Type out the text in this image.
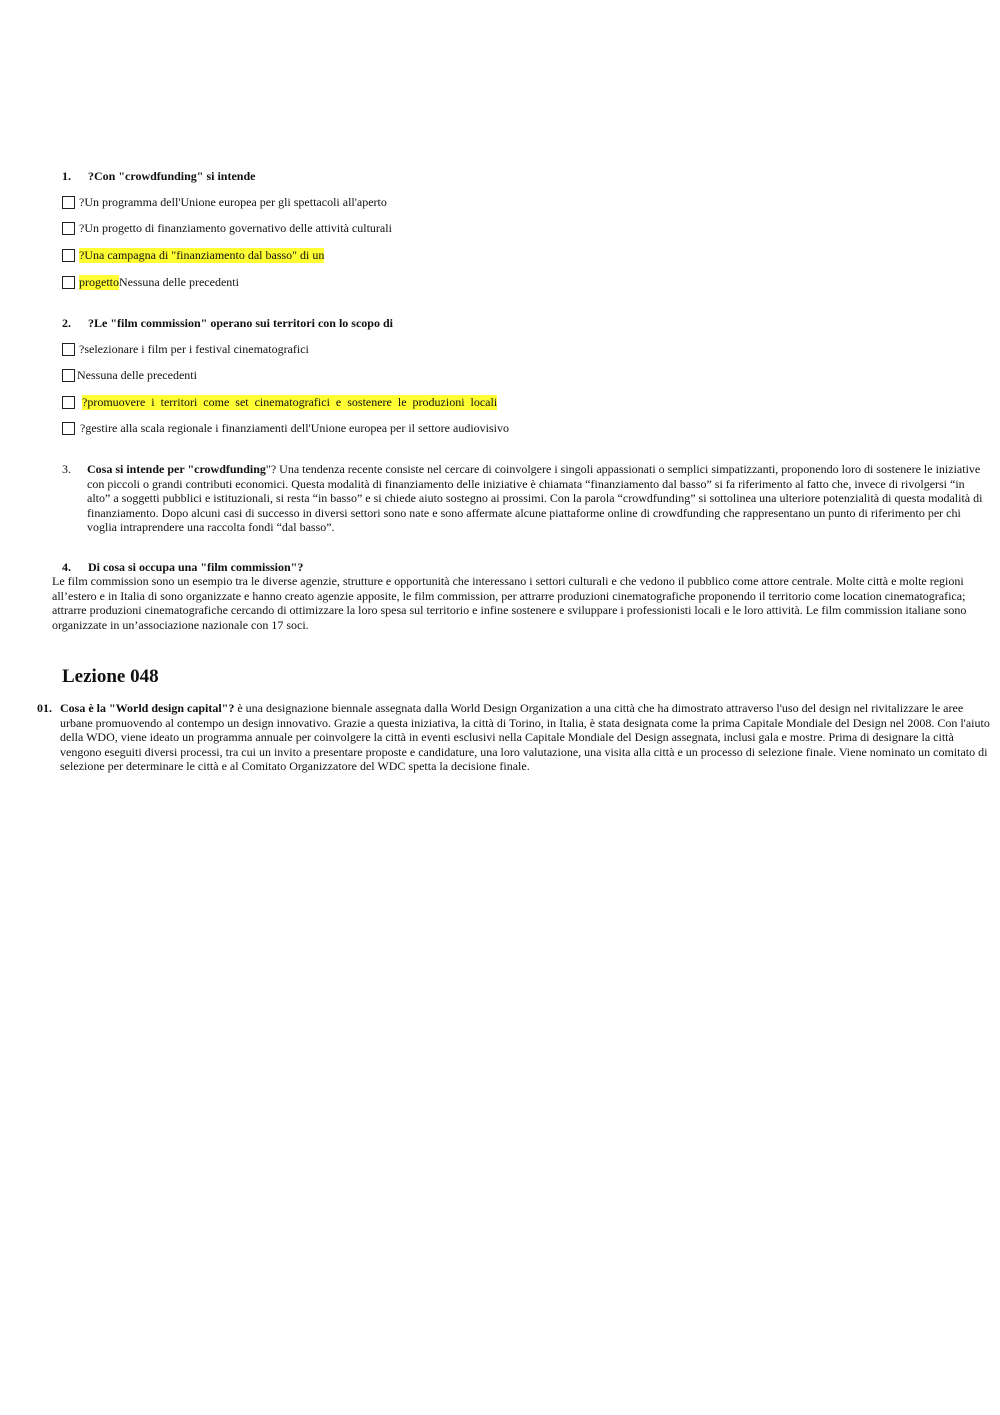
1. ?Con "crowdfunding" si intende
?Un programma dell'Unione europea per gli spettacoli all'aperto
?Un progetto di finanziamento governativo delle attività culturali
?Una campagna di "finanziamento dal basso" di un
progetto Nessuna delle precedenti
2. ?Le "film commission" operano sui territori con lo scopo di
?selezionare i film per i festival cinematografici
Nessuna delle precedenti
?promuovere  i  territori  come  set  cinematografici  e  sostenere  le  produzioni  locali
?gestire alla scala regionale i finanziamenti dell'Unione europea per il settore audiovisivo
3. Cosa si intende per "crowdfunding"? Una tendenza recente consiste nel cercare di coinvolgere i singoli appassionati o semplici simpatizzanti, proponendo loro di sostenere le iniziative con piccoli o grandi contributi economici. Questa modalità di finanziamento delle iniziative è chiamata “finanziamento dal basso” si fa riferimento al fatto che, invece di rivolgersi “in alto” a soggetti pubblici e istituzionali, si resta “in basso” e si chiede aiuto sostegno ai prossimi. Con la parola “crowdfunding” si sottolinea una ulteriore potenzialità di questa modalità di finanziamento. Dopo alcuni casi di successo in diversi settori sono nate e sono affermate alcune piattaforme online di crowdfunding che rappresentano un punto di riferimento per chi voglia intraprendere una raccolta fondi “dal basso”.
4. Di cosa si occupa una "film commission"?
Le film commission sono un esempio tra le diverse agenzie, strutture e opportunità che interessano i settori culturali e che vedono il pubblico come attore centrale. Molte città e molte regioni all’estero e in Italia di sono organizzate e hanno creato agenzie apposite, le film commission, per attrarre produzioni cinematografiche proponendo il territorio come location cinematografica; attrarre produzioni cinematografiche cercando di ottimizzare la loro spesa sul territorio e infine sostenere e sviluppare i professionisti locali e le loro attività. Le film commission italiane sono organizzate in un’associazione nazionale con 17 soci.
Lezione 048
01. Cosa è la "World design capital"? è una designazione biennale assegnata dalla World Design Organization a una città che ha dimostrato attraverso l'uso del design nel rivitalizzare le aree urbane promuovendo al contempo un design innovativo. Grazie a questa iniziativa, la città di Torino, in Italia, è stata designata come la prima Capitale Mondiale del Design nel 2008. Con l'aiuto della WDO, viene ideato un programma annuale per coinvolgere la città in eventi esclusivi nella Capitale Mondiale del Design assegnata, inclusi gala e mostre. Prima di designare la città vengono eseguiti diversi processi, tra cui un invito a presentare proposte e candidature, una loro valutazione, una visita alla città e un processo di selezione finale. Viene nominato un comitato di selezione per determinare le città e al Comitato Organizzatore del WDC spetta la decisione finale.
